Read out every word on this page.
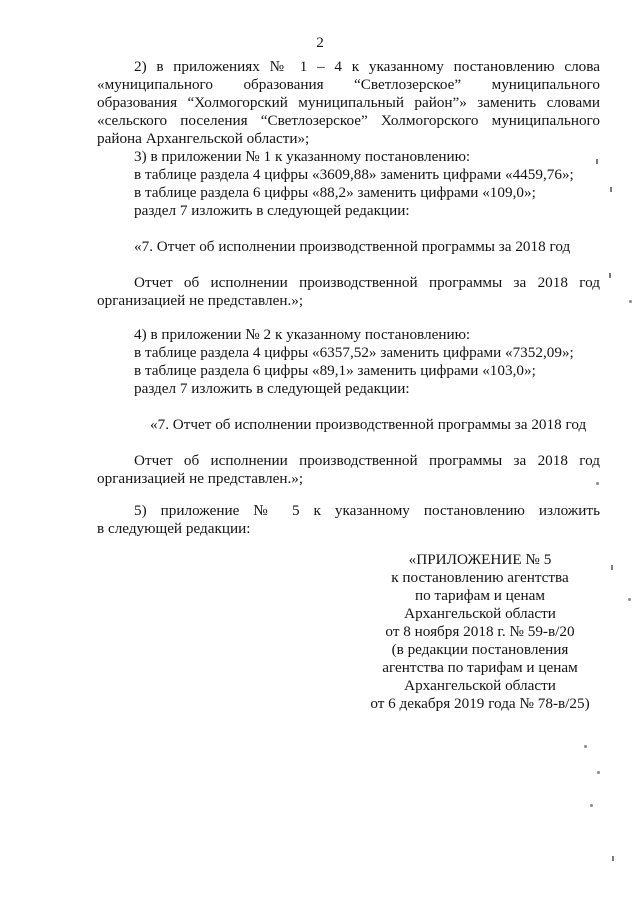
2
2) в приложениях № 1 – 4 к указанному постановлению слова
«муниципального образования “Светлозерское” муниципального
образования “Холмогорский муниципальный район”» заменить словами
«сельского поселения “Светлозерское” Холмогорского муниципального
района Архангельской области»;
3) в приложении № 1 к указанному постановлению:
в таблице раздела 4 цифры «3609,88» заменить цифрами «4459,76»;
в таблице раздела 6 цифры «88,2» заменить цифрами «109,0»;
раздел 7 изложить в следующей редакции:
«7. Отчет об исполнении производственной программы за 2018 год
Отчет об исполнении производственной программы за 2018 год
организацией не представлен.»;
4) в приложении № 2 к указанному постановлению:
в таблице раздела 4 цифры «6357,52» заменить цифрами «7352,09»;
в таблице раздела 6 цифры «89,1» заменить цифрами «103,0»;
раздел 7 изложить в следующей редакции:
«7. Отчет об исполнении производственной программы за 2018 год
Отчет об исполнении производственной программы за 2018 год
организацией не представлен.»;
5) приложение № 5 к указанному постановлению изложить
в следующей редакции:
«ПРИЛОЖЕНИЕ № 5
к постановлению агентства
по тарифам и ценам
Архангельской области
от 8 ноября 2018 г. № 59-в/20
(в редакции постановления
агентства по тарифам и ценам
Архангельской области
от 6 декабря 2019 года № 78-в/25)
